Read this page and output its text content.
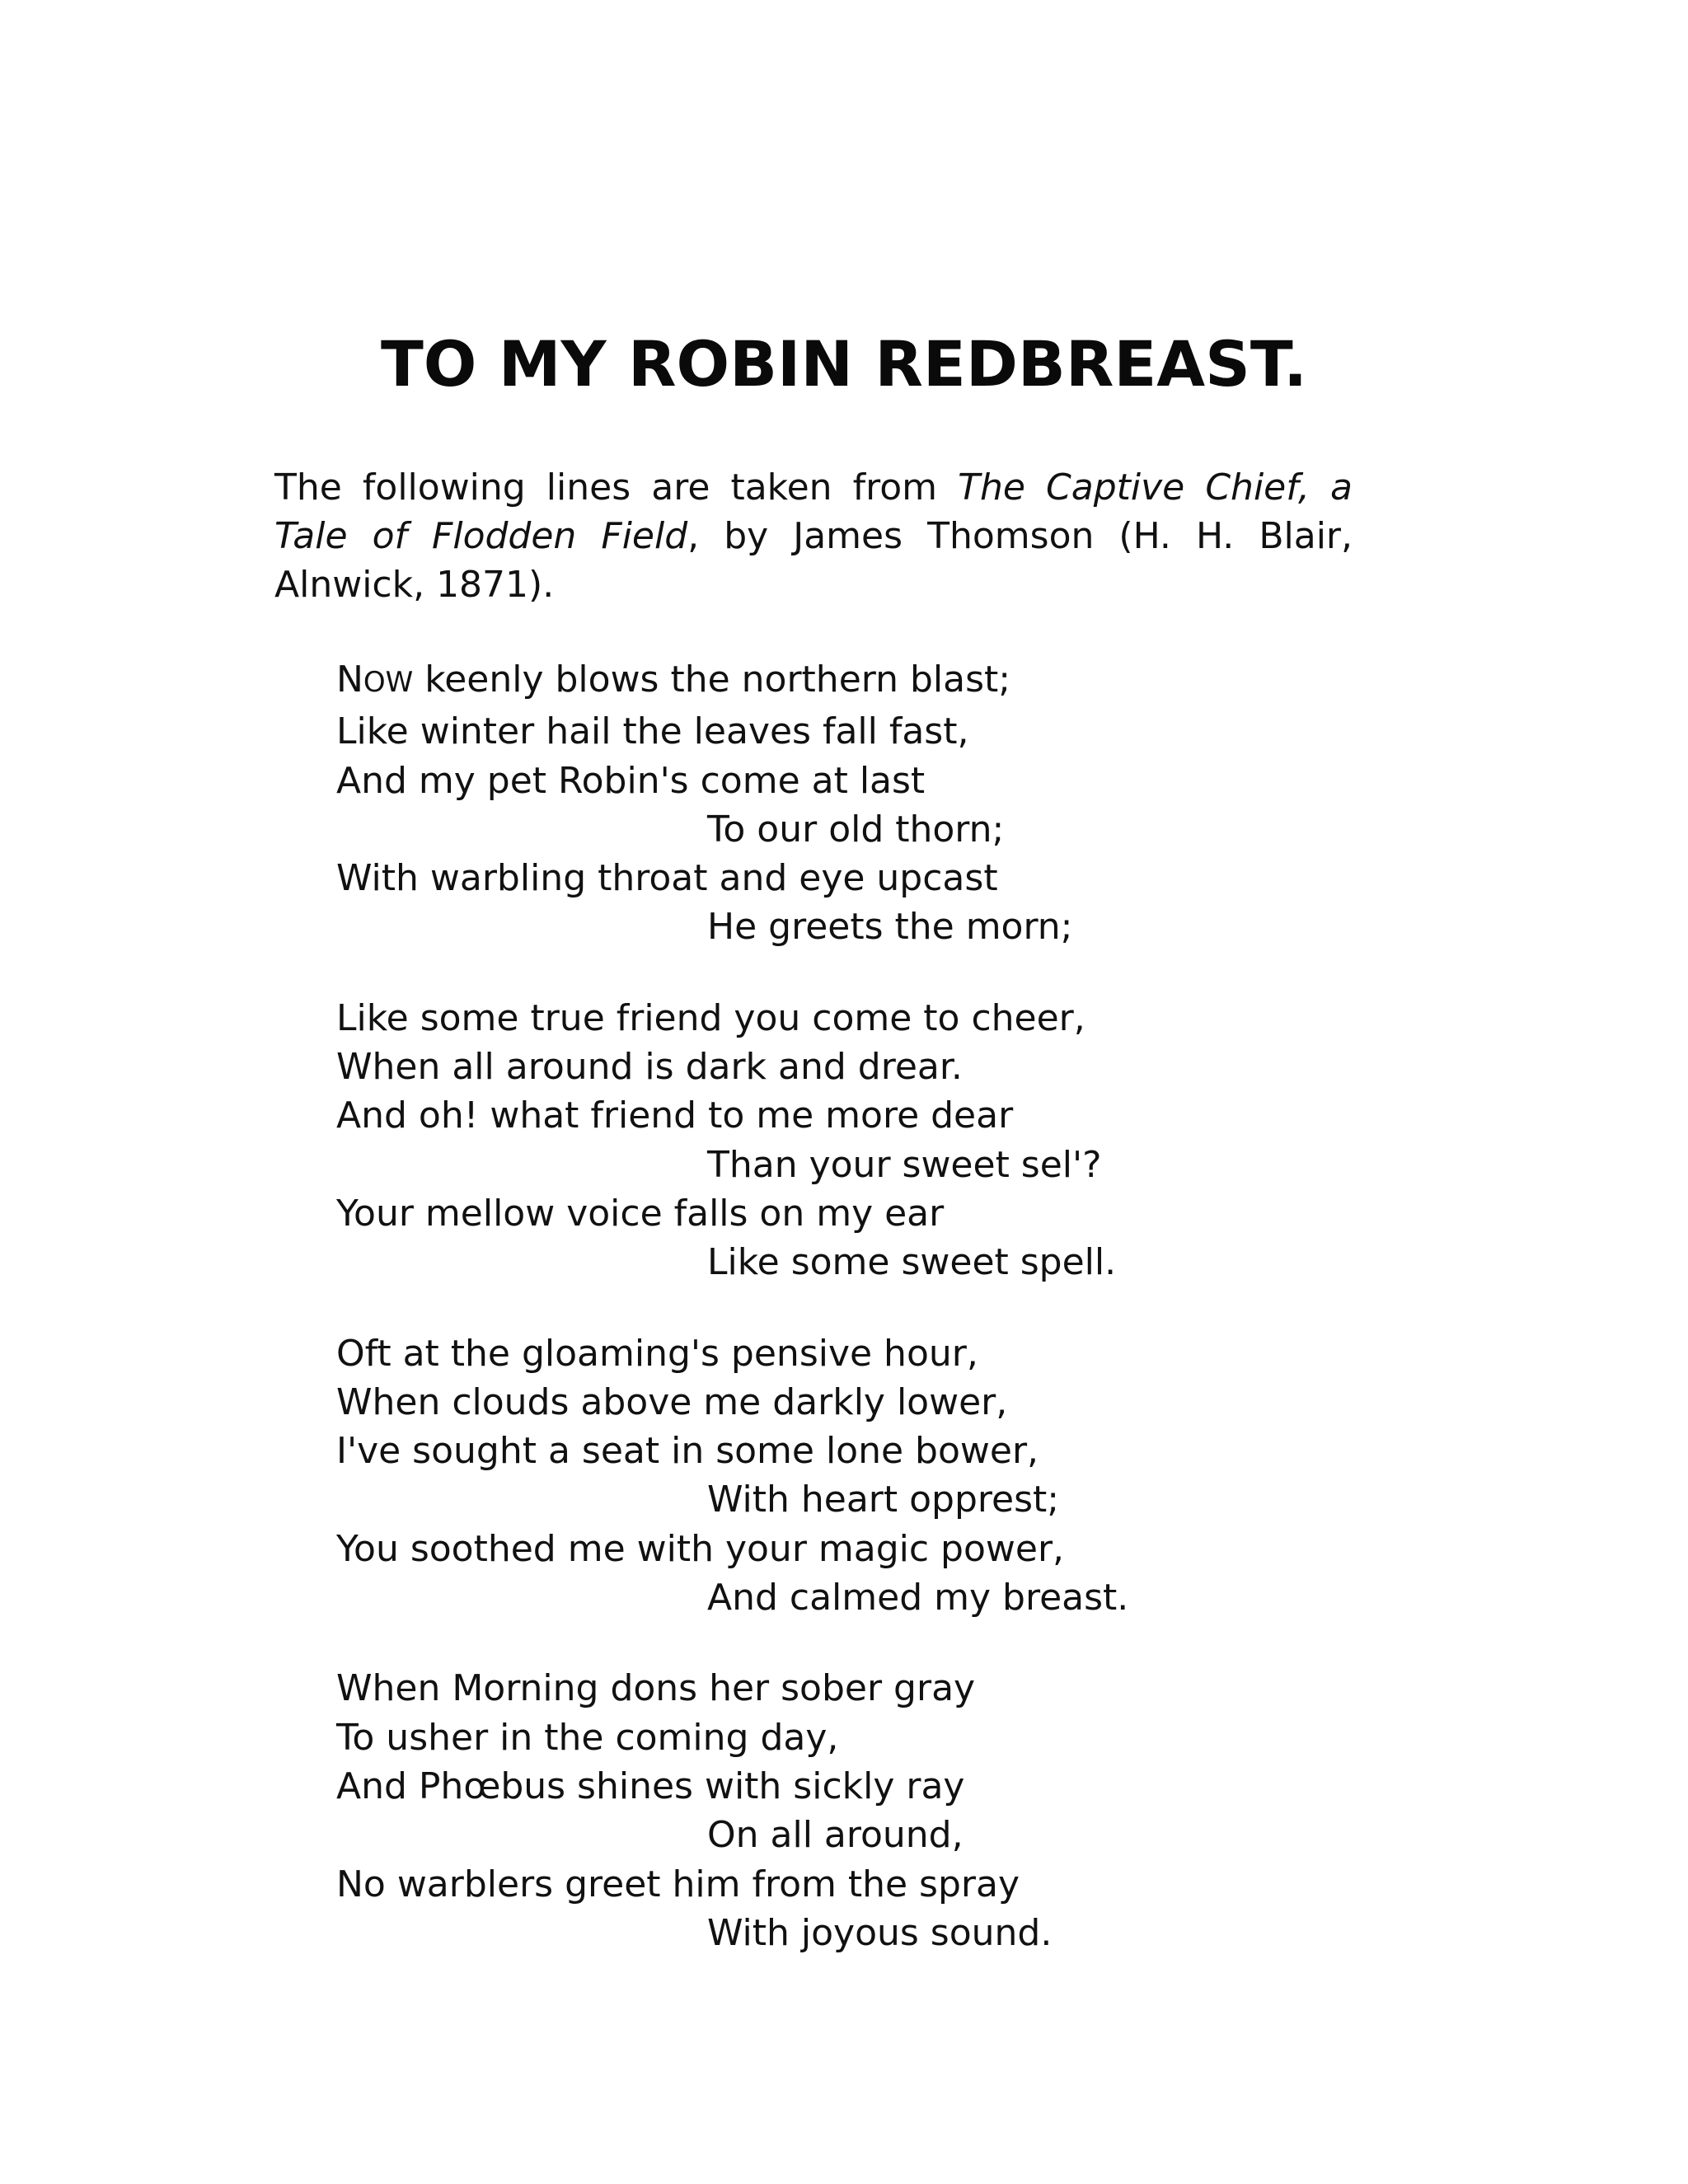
TO MY ROBIN REDBREAST.

The following lines are taken from The Captive Chief, a Tale of Flodden Field, by James Thomson (H. H. Blair, Alnwick, 1871).

NOW keenly blows the northern blast;
Like winter hail the leaves fall fast,
And my pet Robin's come at last
To our old thorn;
With warbling throat and eye upcast
He greets the morn;
Like some true friend you come to cheer,
When all around is dark and drear.
And oh! what friend to me more dear
Than your sweet sel'?
Your mellow voice falls on my ear
Like some sweet spell.
Oft at the gloaming's pensive hour,
When clouds above me darkly lower,
I've sought a seat in some lone bower,
With heart opprest;
You soothed me with your magic power,
And calmed my breast.
When Morning dons her sober gray
To usher in the coming day,
And Phœbus shines with sickly ray
On all around,
No warblers greet him from the spray
With joyous sound.
